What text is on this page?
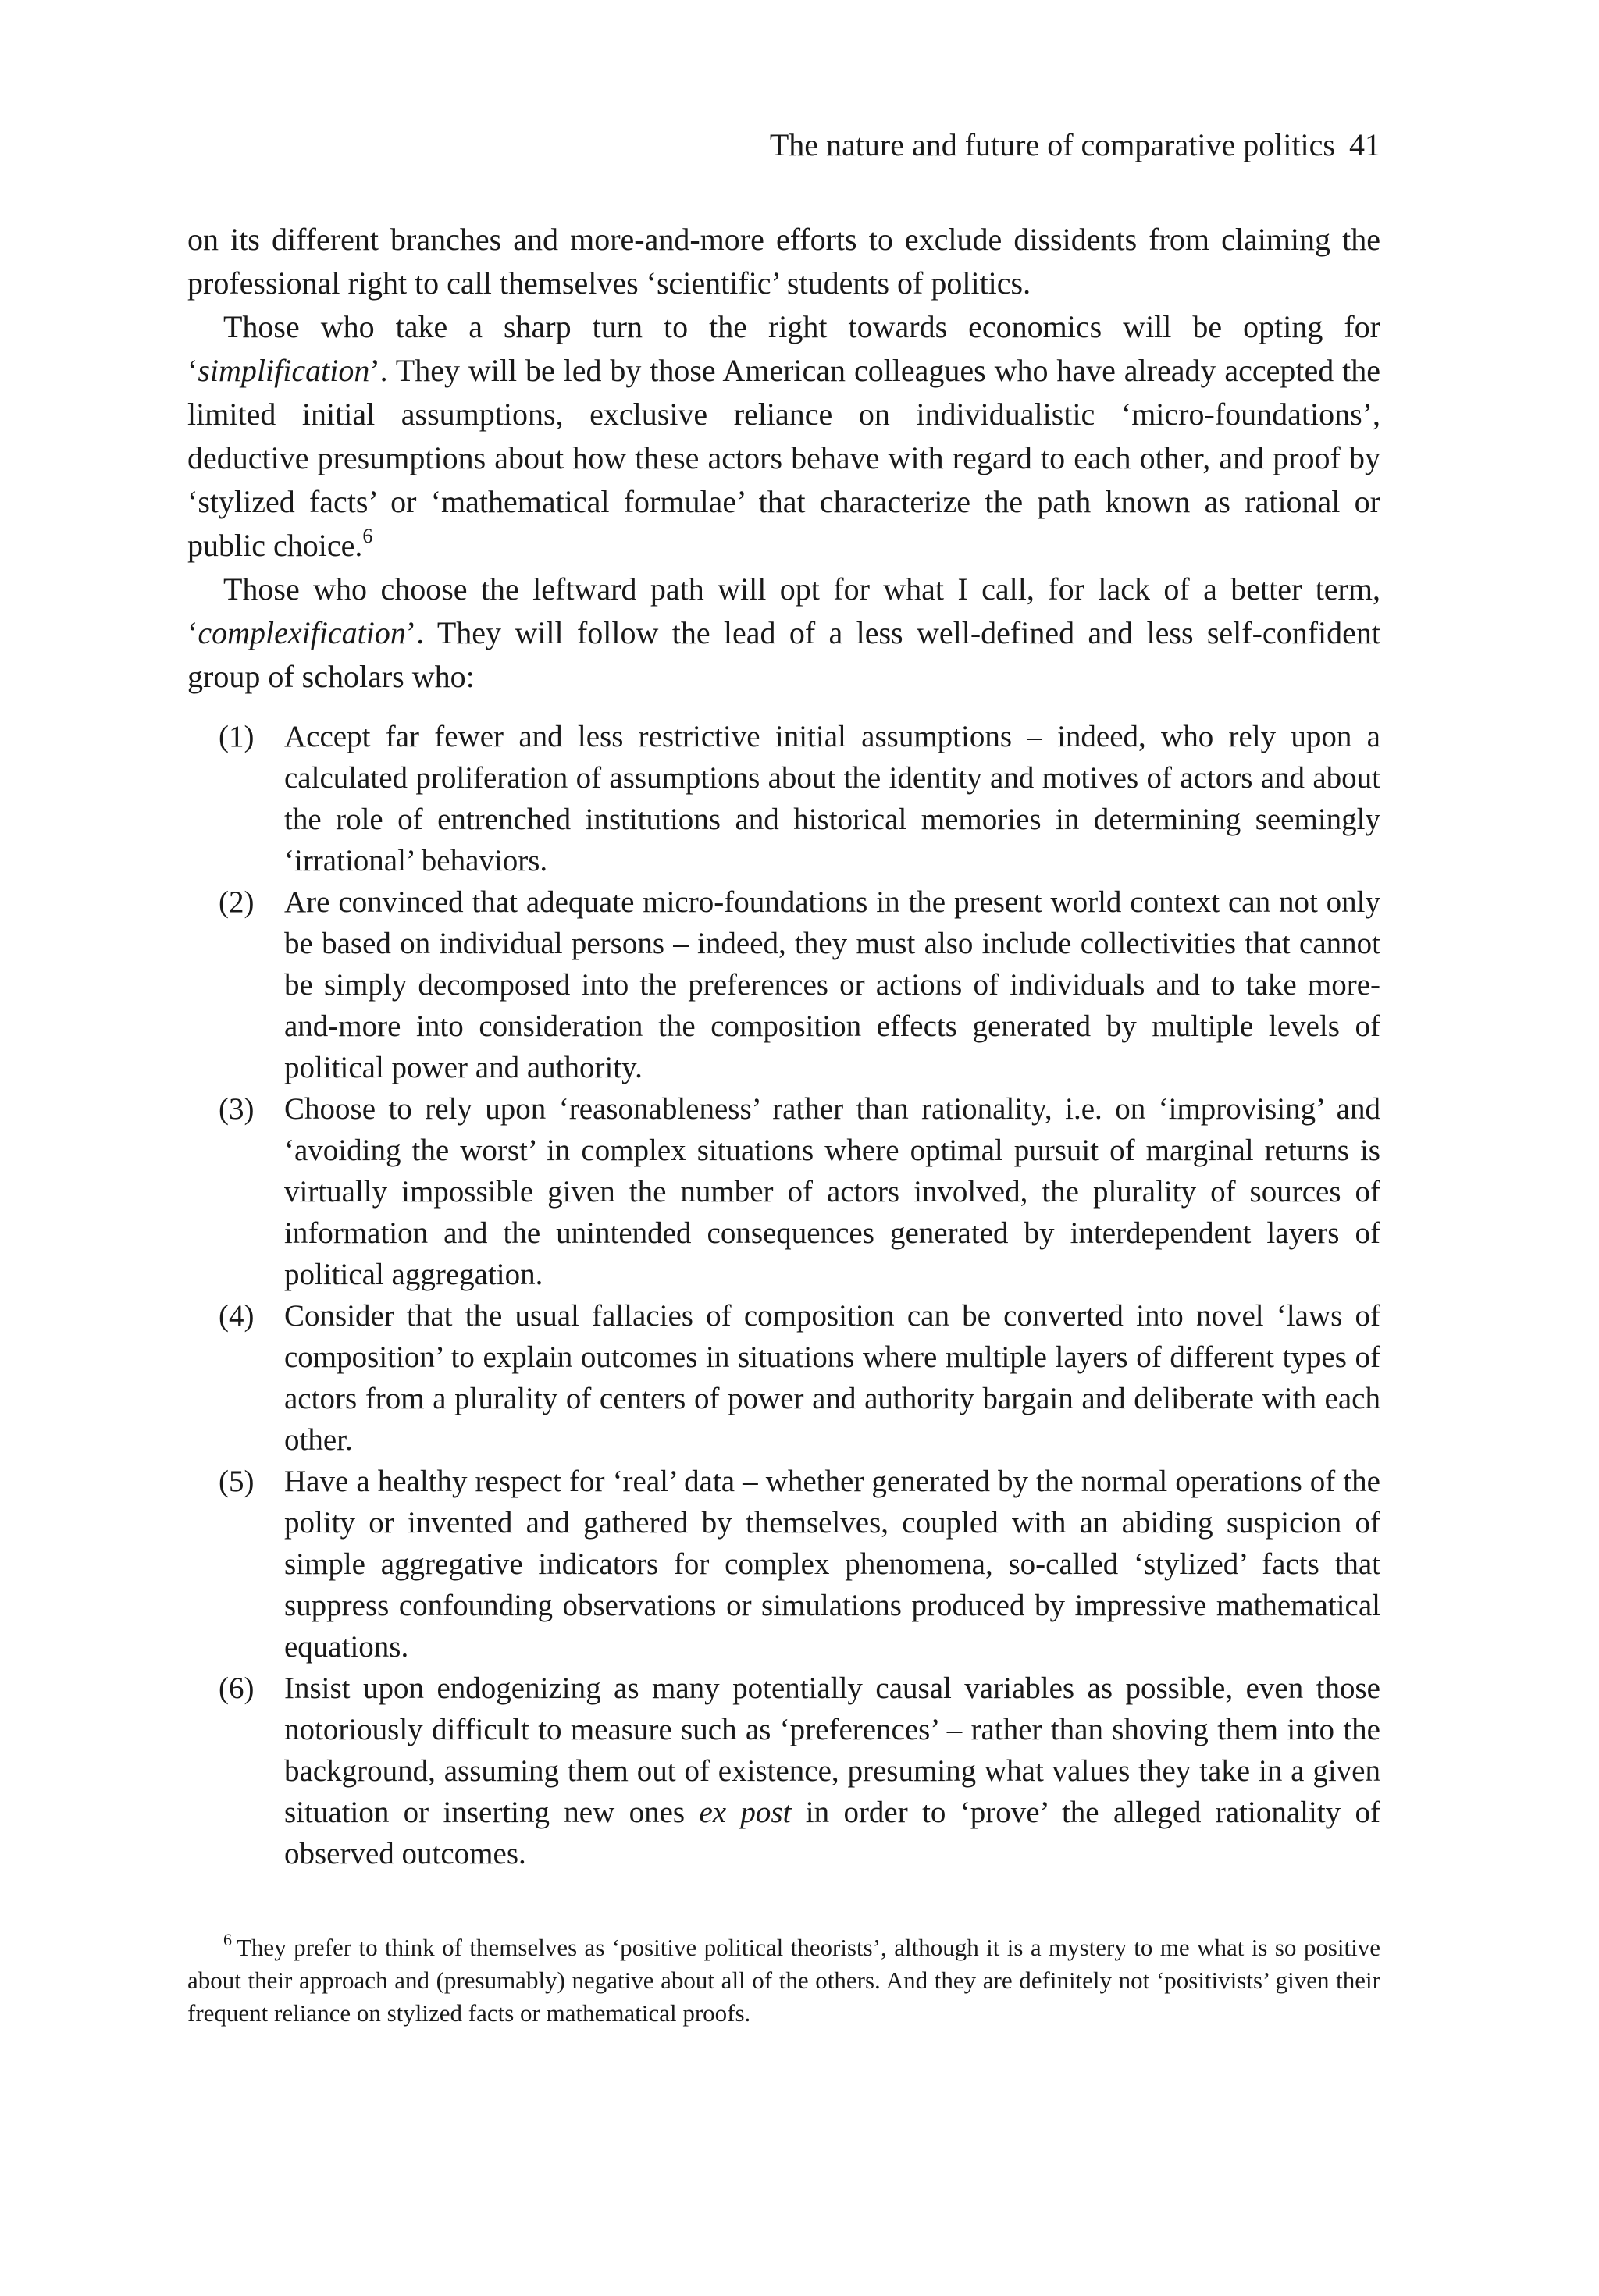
The nature and future of comparative politics 41

on its different branches and more-and-more efforts to exclude dissidents from claiming the professional right to call themselves ‘scientific’ students of politics.

Those who take a sharp turn to the right towards economics will be opting for ‘simplification’. They will be led by those American colleagues who have already accepted the limited initial assumptions, exclusive reliance on individualistic ‘micro-foundations’, deductive presumptions about how these actors behave with regard to each other, and proof by ‘stylized facts’ or ‘mathematical formulae’ that characterize the path known as rational or public choice.$^6$

Those who choose the leftward path will opt for what I call, for lack of a better term, ‘complexification’. They will follow the lead of a less well-defined and less self-confident group of scholars who:

(1) Accept far fewer and less restrictive initial assumptions – indeed, who rely upon a calculated proliferation of assumptions about the identity and motives of actors and about the role of entrenched institutions and historical memories in determining seemingly ‘irrational’ behaviors.
(2) Are convinced that adequate micro-foundations in the present world context can not only be based on individual persons – indeed, they must also include collectivities that cannot be simply decomposed into the preferences or actions of individuals and to take more-and-more into consideration the composition effects generated by multiple levels of political power and authority.
(3) Choose to rely upon ‘reasonableness’ rather than rationality, i.e. on ‘improvising’ and ‘avoiding the worst’ in complex situations where optimal pursuit of marginal returns is virtually impossible given the number of actors involved, the plurality of sources of information and the unintended consequences generated by interdependent layers of political aggregation.
(4) Consider that the usual fallacies of composition can be converted into novel ‘laws of composition’ to explain outcomes in situations where multiple layers of different types of actors from a plurality of centers of power and authority bargain and deliberate with each other.
(5) Have a healthy respect for ‘real’ data – whether generated by the normal operations of the polity or invented and gathered by themselves, coupled with an abiding suspicion of simple aggregative indicators for complex phenomena, so-called ‘stylized’ facts that suppress confounding observations or simulations produced by impressive mathematical equations.
(6) Insist upon endogenizing as many potentially causal variables as possible, even those notoriously difficult to measure such as ‘preferences’ – rather than shoving them into the background, assuming them out of existence, presuming what values they take in a given situation or inserting new ones ex post in order to ‘prove’ the alleged rationality of observed outcomes.

$^6$ They prefer to think of themselves as ‘positive political theorists’, although it is a mystery to me what is so positive about their approach and (presumably) negative about all of the others. And they are definitely not ‘positivists’ given their frequent reliance on stylized facts or mathematical proofs.
